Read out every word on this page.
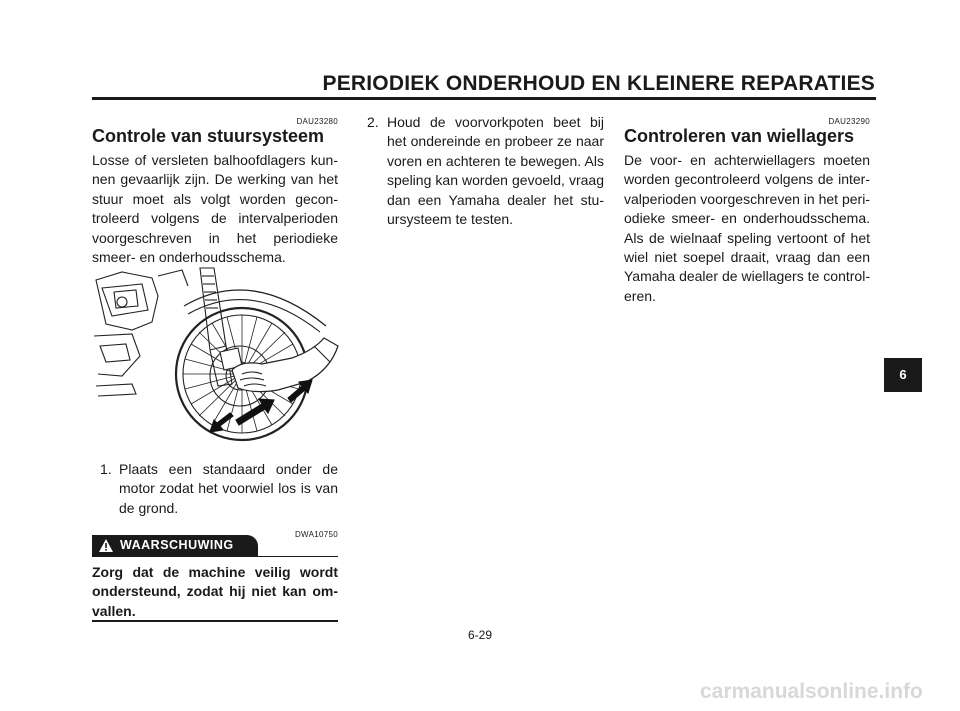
PERIODIEK ONDERHOUD EN KLEINERE REPARATIES
DAU23280
Controle van stuursysteem
Losse of versleten balhoofdlagers kun- nen gevaarlijk zijn. De werking van het stuur moet als volgt worden gecon- troleerd volgens de intervalperioden voorgeschreven in het periodieke smeer- en onderhoudsschema.
1. Plaats een standaard onder de motor zodat het voorwiel los is van de grond.
DWA10750
WAARSCHUWING
Zorg dat de machine veilig wordt ondersteund, zodat hij niet kan om- vallen.
2. Houd de voorvorkpoten beet bij het ondereinde en probeer ze naar voren en achteren te bewegen. Als speling kan worden gevoeld, vraag dan een Yamaha dealer het stu- ursysteem te testen.
DAU23290
Controleren van wiellagers
De voor- en achterwiellagers moeten worden gecontroleerd volgens de inter- valperioden voorgeschreven in het peri- odieke smeer- en onderhoudsschema. Als de wielnaaf speling vertoont of het wiel niet soepel draait, vraag dan een Yamaha dealer de wiellagers te control- eren.
6
6-29
carmanualsonline.info
